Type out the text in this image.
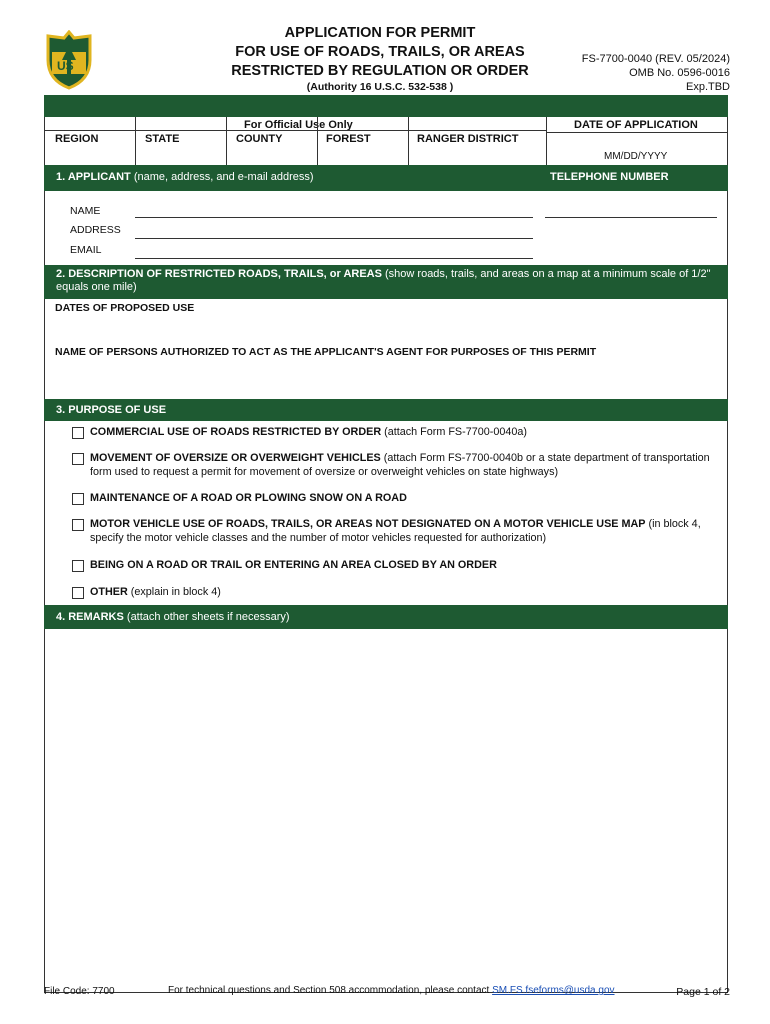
US
APPLICATION FOR PERMIT
FOR USE OF ROADS, TRAILS, OR AREAS
RESTRICTED BY REGULATION OR ORDER
(Authority 16 U.S.C. 532-538 )
FS-7700-0040 (REV. 05/2024)
OMB No. 0596-0016
Exp.TBD
For Official Use Only
REGION	STATE	COUNTY	FOREST	RANGER DISTRICT
DATE OF APPLICATION
MM/DD/YYYY
1. APPLICANT (name, address, and e-mail address)	TELEPHONE NUMBER
NAME
ADDRESS
EMAIL
2. DESCRIPTION OF RESTRICTED ROADS, TRAILS, or AREAS (show roads, trails, and areas on a map at a minimum scale of 1/2" equals one mile)
DATES OF PROPOSED USE
NAME OF PERSONS AUTHORIZED TO ACT AS THE APPLICANT'S AGENT FOR PURPOSES OF THIS PERMIT
3. PURPOSE OF USE
COMMERCIAL USE OF ROADS RESTRICTED BY ORDER (attach Form FS-7700-0040a)
MOVEMENT OF OVERSIZE OR OVERWEIGHT VEHICLES (attach Form FS-7700-0040b or a state department of transportation form used to request a permit for movement of oversize or overweight vehicles on state highways)
MAINTENANCE OF A ROAD OR PLOWING SNOW ON A ROAD
MOTOR VEHICLE USE OF ROADS, TRAILS, OR AREAS NOT DESIGNATED ON A MOTOR VEHICLE USE MAP (in block 4, specify the motor vehicle classes and the number of motor vehicles requested for authorization)
BEING ON A ROAD OR TRAIL OR ENTERING AN AREA CLOSED BY AN ORDER
OTHER (explain in block 4)
4. REMARKS (attach other sheets if necessary)
File Code: 7700	For technical questions and Section 508 accommodation, please contact SM.FS.fseforms@usda.gov	Page 1 of 2
